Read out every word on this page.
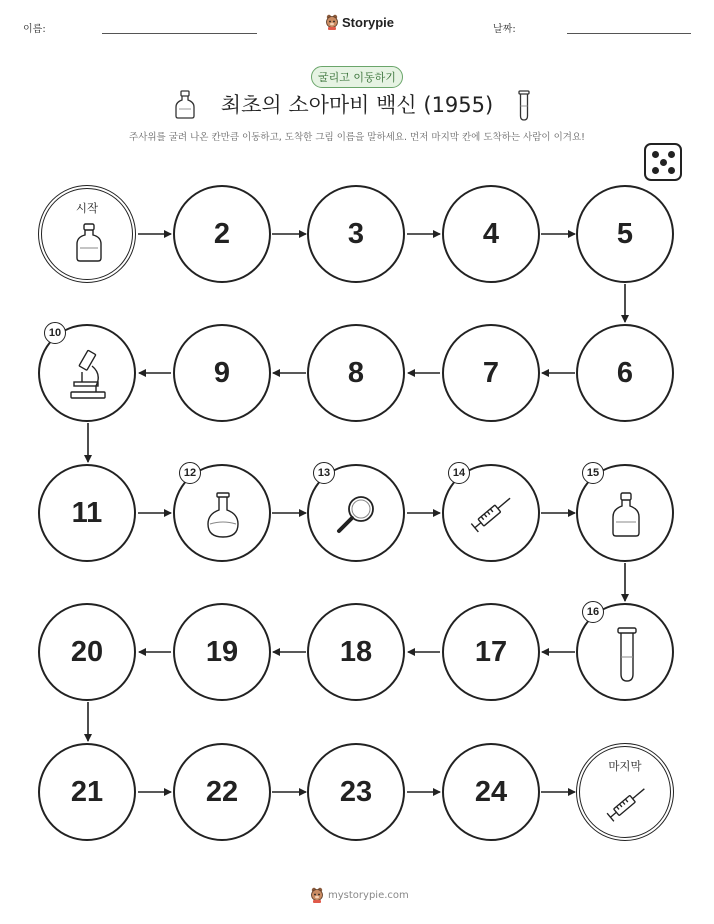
이름:	Storypie	날짜:
굴리고 이동하기
최초의 소아마비 백신 (1955)
주사위를 굴려 나온 칸만큼 이동하고, 도착한 그림 이름을 말하세요. 먼저 마지막 칸에 도착하는 사람이 이겨요!
시작
2	3	4	5
10
9	8	7	6
11
12	13	14	15
20	19	18	17
16
21	22	23	24
마지막
mystorypie.com
